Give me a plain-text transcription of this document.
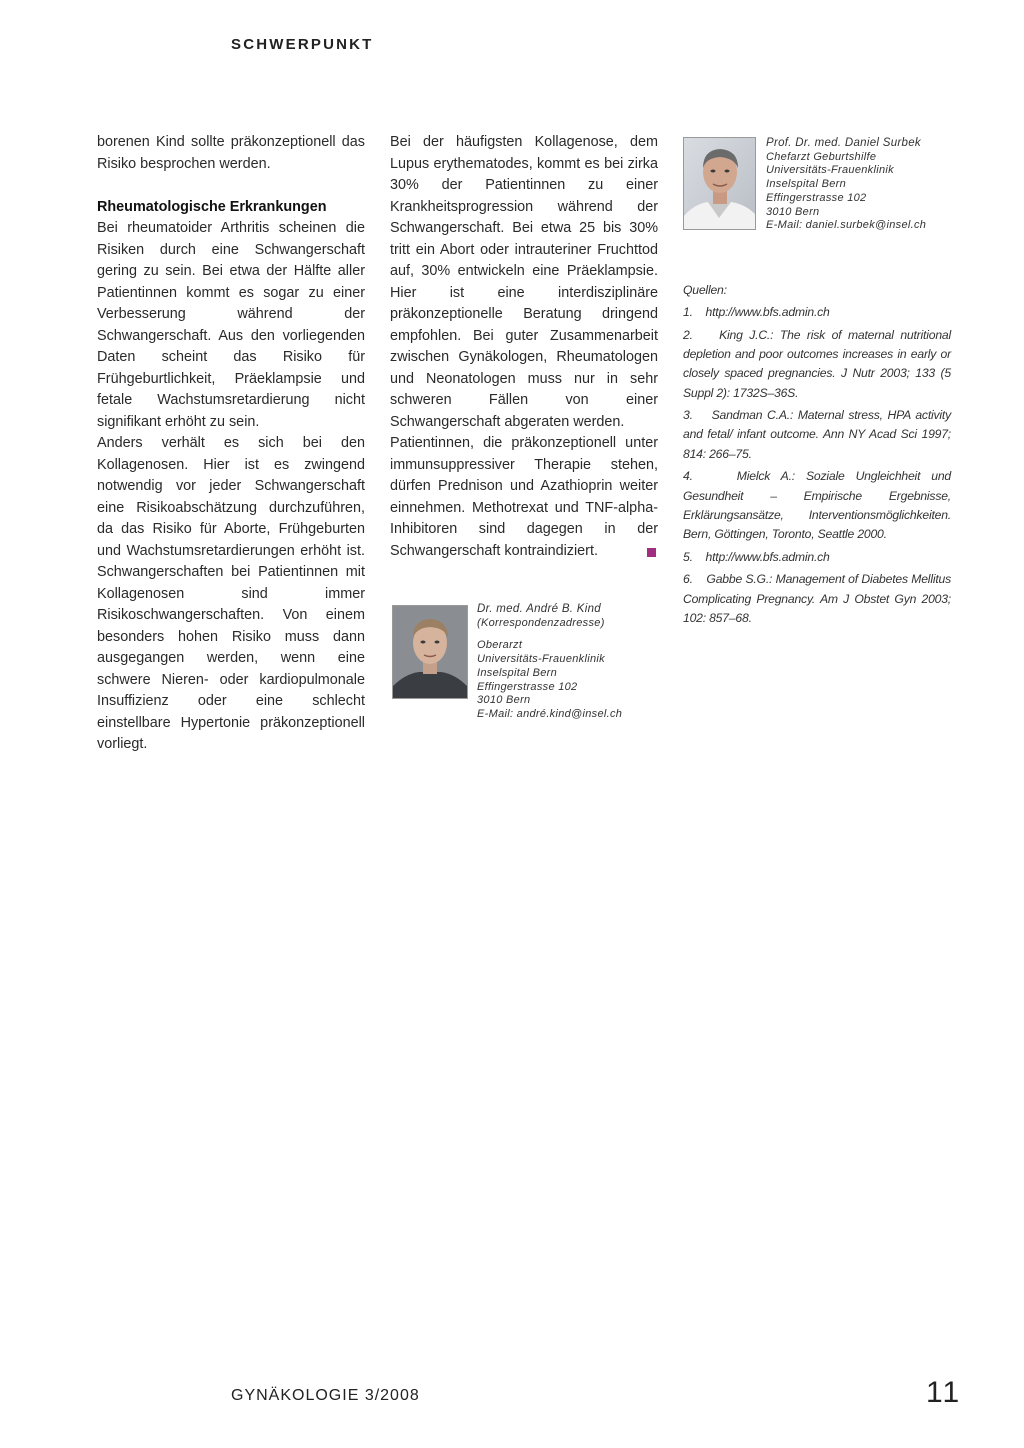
SCHWERPUNKT

borenen Kind sollte präkonzeptionell das Risiko besprochen werden.

Rheumatologische Erkrankungen

Bei rheumatoider Arthritis scheinen die Risiken durch eine Schwangerschaft gering zu sein. Bei etwa der Hälfte aller Patientinnen kommt es sogar zu einer Verbesserung während der Schwangerschaft. Aus den vorliegenden Daten scheint das Risiko für Frühgeburtlichkeit, Präeklampsie und fetale Wachstumsretardierung nicht signifikant erhöht zu sein.

Anders verhält es sich bei den Kollagenosen. Hier ist es zwingend notwendig vor jeder Schwangerschaft eine Risikoabschätzung durchzuführen, da das Risiko für Aborte, Frühgeburten und Wachstumsretardierungen erhöht ist. Schwangerschaften bei Patientinnen mit Kollagenosen sind immer Risikoschwangerschaften. Von einem besonders hohen Risiko muss dann ausgegangen werden, wenn eine schwere Nieren- oder kardiopulmonale Insuffizienz oder eine schlecht einstellbare Hypertonie präkonzeptionell vorliegt.

Bei der häufigsten Kollagenose, dem Lupus erythematodes, kommt es bei zirka 30% der Patientinnen zu einer Krankheitsprogression während der Schwangerschaft. Bei etwa 25 bis 30% tritt ein Abort oder intrauteriner Fruchttod auf, 30% entwickeln eine Präeklampsie. Hier ist eine interdisziplinäre präkonzeptionelle Beratung dringend empfohlen. Bei guter Zusammenarbeit zwischen Gynäkologen, Rheumatologen und Neonatologen muss nur in sehr schweren Fällen von einer Schwangerschaft abgeraten werden.

Patientinnen, die präkonzeptionell unter immunsuppressiver Therapie stehen, dürfen Prednison und Azathioprin weiter einnehmen. Methotrexat und TNF-alpha-Inhibitoren sind dagegen in der Schwangerschaft kontraindiziert.

Prof. Dr. med. Daniel Surbek
Chefarzt Geburtshilfe
Universitäts-Frauenklinik
Inselspital Bern
Effingerstrasse 102
3010 Bern
E-Mail: daniel.surbek@insel.ch
Dr. med. André B. Kind
(Korrespondenzadresse)
Oberarzt
Universitäts-Frauenklinik
Inselspital Bern
Effingerstrasse 102
3010 Bern
E-Mail: andré.kind@insel.ch
Quellen:
1.    http://www.bfs.admin.ch
2.    King J.C.: The risk of maternal nutritional depletion and poor outcomes increases in early or closely spaced pregnancies. J Nutr 2003; 133 (5 Suppl 2): 1732S–36S.
3.    Sandman C.A.: Maternal stress, HPA activity and fetal/ infant outcome. Ann NY Acad Sci 1997; 814: 266–75.
4.    Mielck A.: Soziale Ungleichheit und Gesundheit – Empirische Ergebnisse, Erklärungsansätze, Interventionsmöglichkeiten. Bern, Göttingen, Toronto, Seattle 2000.
5.    http://www.bfs.admin.ch
6.    Gabbe S.G.: Management of Diabetes Mellitus Complicating Pregnancy. Am J Obstet Gyn 2003; 102: 857–68.
GYNÄKOLOGIE 3/2008	11
